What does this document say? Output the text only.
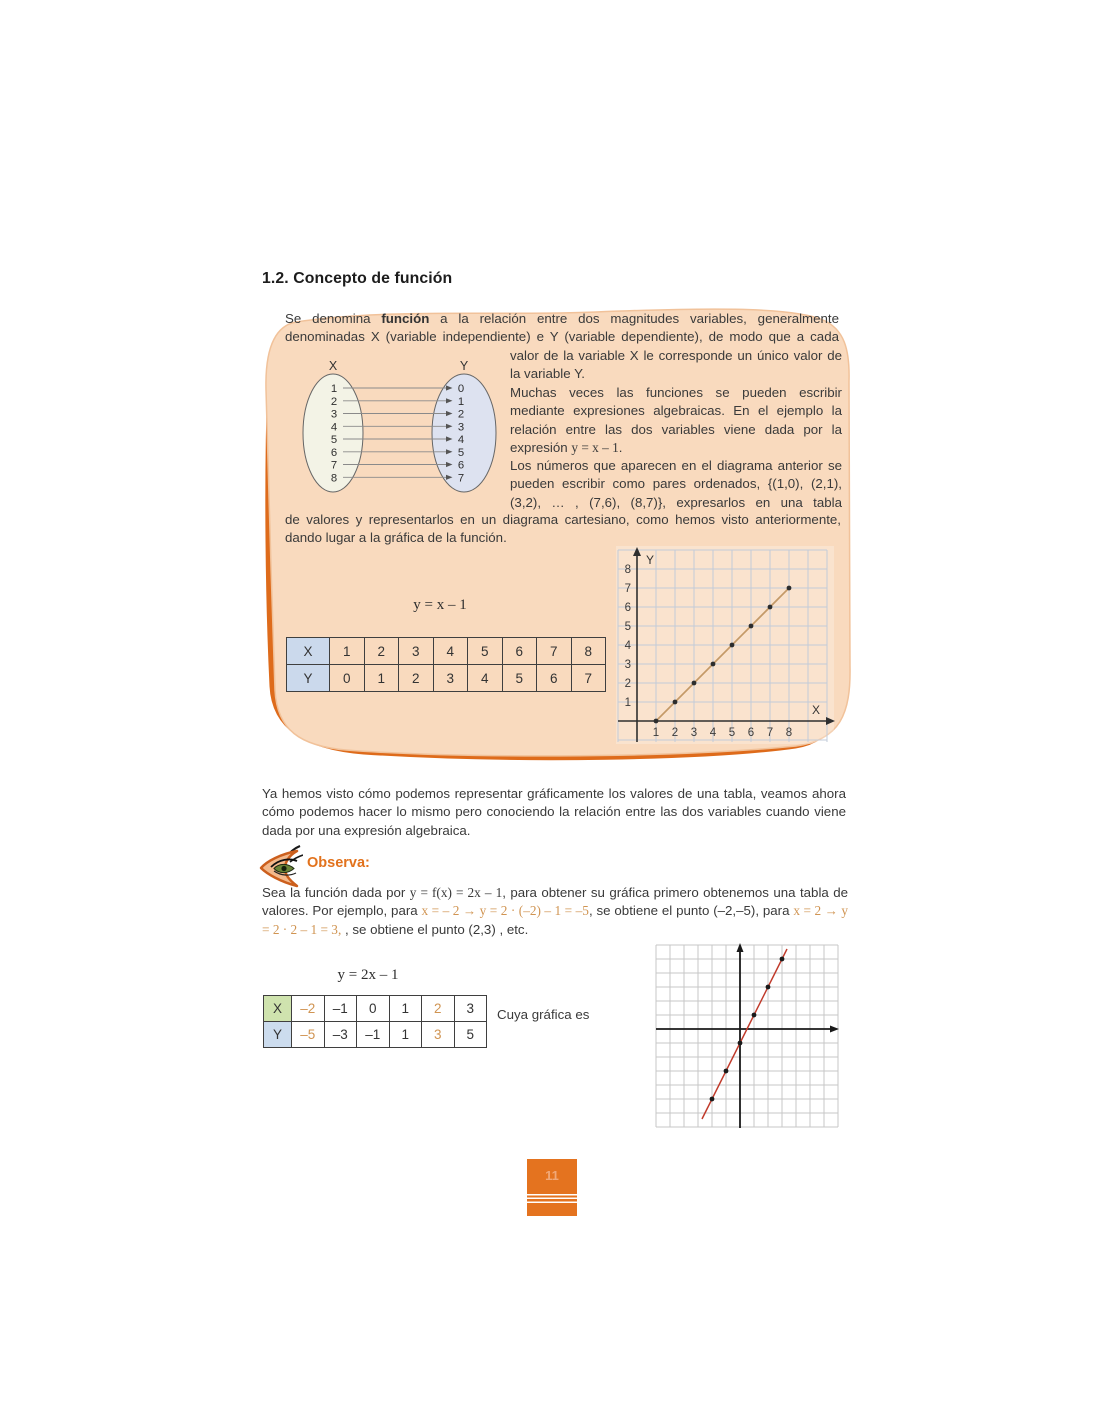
1.2. Concepto de función
Se denomina función a la relación entre dos magnitudes variables, generalmente denominadas X (variable independiente) e Y (variable dependiente), de modo que a cada
X	Y
1
2
3
4
5
6
7
8
0
1
2
3
4
5
6
7
valor de la variable X le corresponde un único valor de la variable Y.
Muchas veces las funciones se pueden escribir mediante expresiones algebraicas. En el ejemplo la relación entre las dos variables viene dada por la expresión y = x – 1.
Los números que aparecen en el diagrama anterior se pueden escribir como pares ordenados, {(1,0), (2,1), (3,2), … , (7,6), (8,7)}, expresarlos en una tabla
de valores y representarlos en un diagrama cartesiano, como hemos visto anteriormente, dando lugar a la gráfica de la función.
y = x – 1
X	1	2	3	4	5	6	7	8
Y	0	1	2	3	4	5	6	7
Y
X
8
7
6
5
4
3
2
1
1 2 3 4 5 6 7 8
Ya hemos visto cómo podemos representar gráficamente los valores de una tabla, veamos ahora cómo podemos hacer lo mismo pero conociendo la relación entre las dos variables cuando viene dada por una expresión algebraica.
Observa:
Sea la función dada por y = f(x) = 2x – 1, para obtener su gráfica primero obtenemos una tabla de valores. Por ejemplo, para x = – 2 → y = 2 · (–2) – 1 = –5, se obtiene el punto (–2,–5), para x = 2 → y = 2 · 2 – 1 = 3, , se obtiene el punto (2,3) , etc.
y = 2x – 1
X	–2	–1	0	1	2	3
Y	–5	–3	–1	1	3	5
Cuya gráfica es
11
